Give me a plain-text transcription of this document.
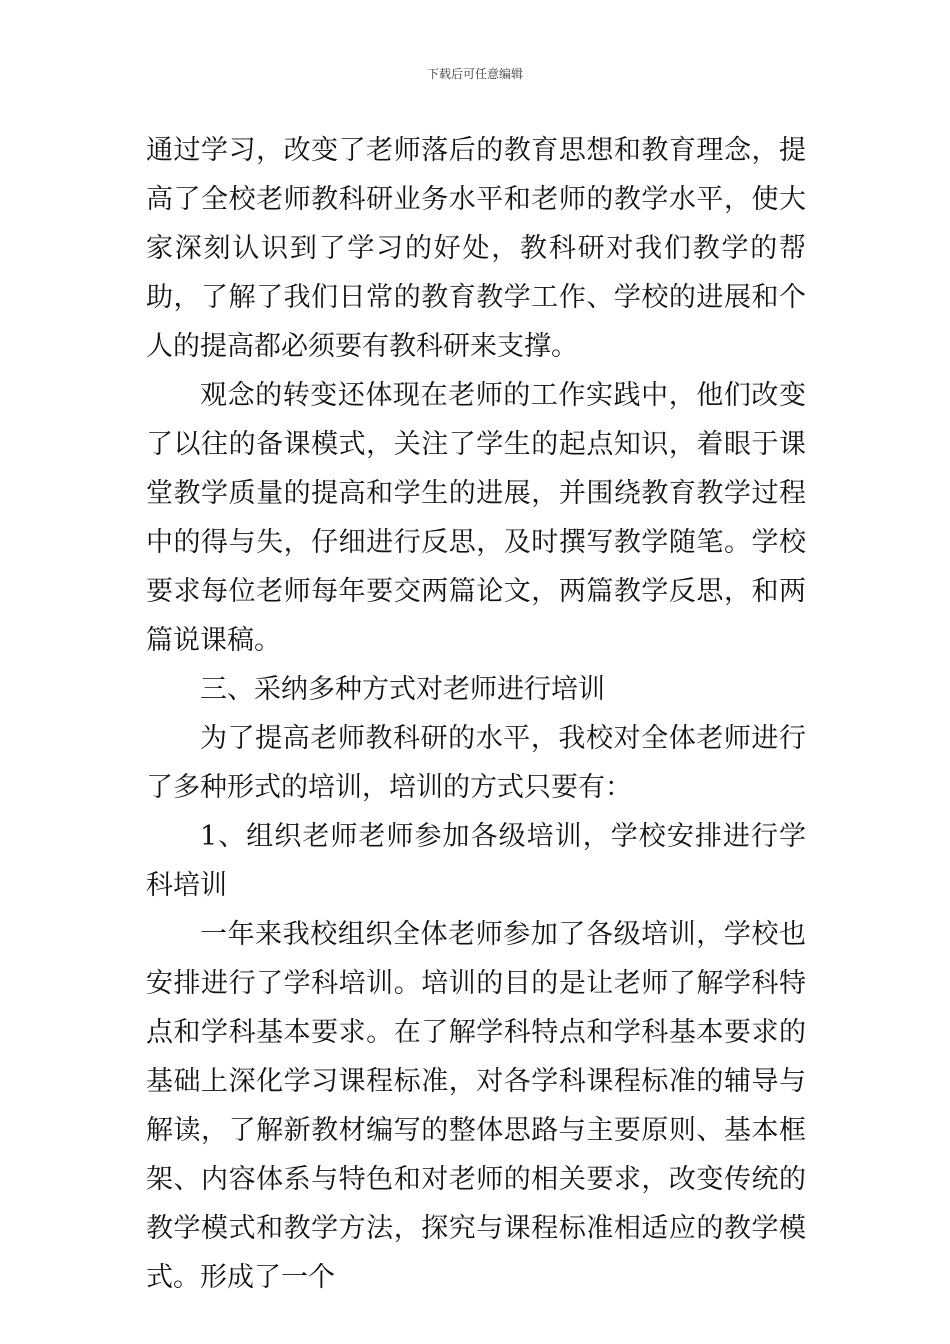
下载后可任意编辑

通过学习，改变了老师落后的教育思想和教育理念，提高了全校老师教科研业务水平和老师的教学水平，使大家深刻认识到了学习的好处，教科研对我们教学的帮助，了解了我们日常的教育教学工作、学校的进展和个人的提高都必须要有教科研来支撑。

观念的转变还体现在老师的工作实践中，他们改变了以往的备课模式，关注了学生的起点知识，着眼于课堂教学质量的提高和学生的进展，并围绕教育教学过程中的得与失，仔细进行反思，及时撰写教学随笔。学校要求每位老师每年要交两篇论文，两篇教学反思，和两篇说课稿。

三、采纳多种方式对老师进行培训

为了提高老师教科研的水平，我校对全体老师进行了多种形式的培训，培训的方式只要有：

1、组织老师老师参加各级培训，学校安排进行学科培训

一年来我校组织全体老师参加了各级培训，学校也安排进行了学科培训。培训的目的是让老师了解学科特点和学科基本要求。在了解学科特点和学科基本要求的基础上深化学习课程标准，对各学科课程标准的辅导与解读，了解新教材编写的整体思路与主要原则、基本框架、内容体系与特色和对老师的相关要求，改变传统的教学模式和教学方法，探究与课程标准相适应的教学模式。形成了一个
